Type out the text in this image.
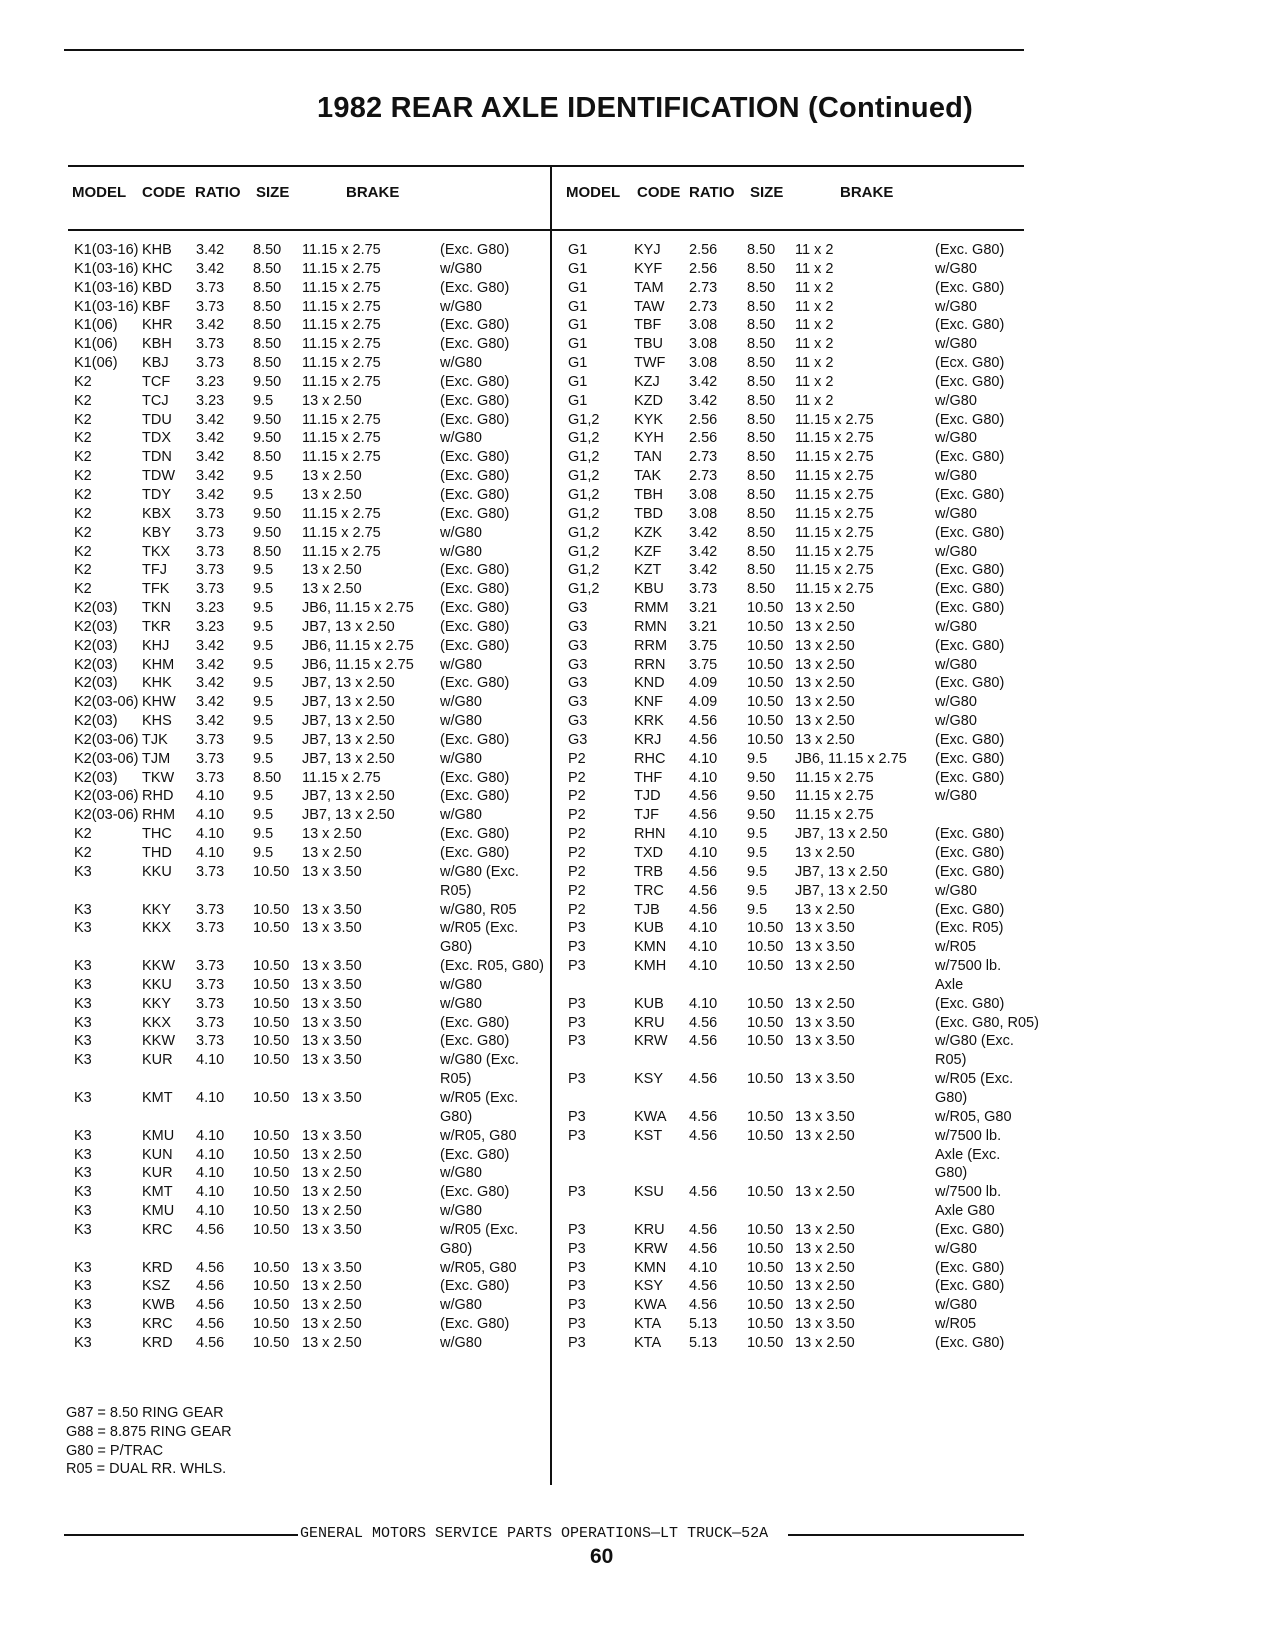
1982 REAR AXLE IDENTIFICATION (Continued)
MODEL CODE RATIO SIZE	BRAKE
K1(03-16) KHB 3.42 8.50 11.15 x 2.75	(Exc. G80)
K1(03-16) KHC 3.42 8.50 11.15 x 2.75	w/G80
K1(03-16) KBD 3.73 8.50 11.15 x 2.75	(Exc. G80)
K1(03-16) KBF 3.73 8.50 11.15 x 2.75	w/G80
K1(06) KHR 3.42 8.50 11.15 x 2.75	(Exc. G80)
K1(06) KBH 3.73 8.50 11.15 x 2.75	(Exc. G80)
K1(06) KBJ 3.73 8.50 11.15 x 2.75	w/G80
K2	TCF 3.23 9.50 11.15 x 2.75	(Exc. G80)
K2	TCJ 3.23 9.5 13 x 2.50	(Exc. G80)
K2	TDU 3.42 9.50 11.15 x 2.75	(Exc. G80)
K2	TDX 3.42 9.50 11.15 x 2.75	w/G80
K2	TDN 3.42 8.50 11.15 x 2.75	(Exc. G80)
K2	TDW 3.42 9.5 13 x 2.50	(Exc. G80)
K2	TDY 3.42 9.5 13 x 2.50	(Exc. G80)
K2	KBX 3.73 9.50 11.15 x 2.75	(Exc. G80)
K2	KBY 3.73 9.50 11.15 x 2.75	w/G80
K2	TKX 3.73 8.50 11.15 x 2.75	w/G80
K2	TFJ 3.73 9.5 13 x 2.50	(Exc. G80)
K2	TFK 3.73 9.5 13 x 2.50	(Exc. G80)
K2(03) TKN 3.23 9.5 JB6, 11.15 x 2.75 (Exc. G80)
K2(03) TKR 3.23 9.5 JB7, 13 x 2.50	(Exc. G80)
K2(03) KHJ 3.42 9.5 JB6, 11.15 x 2.75 (Exc. G80)
K2(03) KHM 3.42 9.5 JB6, 11.15 x 2.75 w/G80
K2(03) KHK 3.42 9.5 JB7, 13 x 2.50	(Exc. G80)
K2(03-06) KHW 3.42 9.5 JB7, 13 x 2.50	w/G80
K2(03) KHS 3.42 9.5 JB7, 13 x 2.50	w/G80
K2(03-06) TJK 3.73 9.5 JB7, 13 x 2.50	(Exc. G80)
K2(03-06) TJM 3.73 9.5 JB7, 13 x 2.50	w/G80
K2(03) TKW 3.73 8.50 11.15 x 2.75	(Exc. G80)
K2(03-06) RHD 4.10 9.5 JB7, 13 x 2.50	(Exc. G80)
K2(03-06) RHM 4.10 9.5 JB7, 13 x 2.50	w/G80
K2	THC 4.10 9.5 13 x 2.50	(Exc. G80)
K2	THD 4.10 9.5 13 x 2.50	(Exc. G80)
K3	KKU 3.73 10.50 13 x 3.50	w/G80 (Exc.
R05)
K3	KKY 3.73 10.50 13 x 3.50	w/G80, R05
K3	KKX 3.73 10.50 13 x 3.50	w/R05 (Exc.
G80)
K3	KKW 3.73 10.50 13 x 3.50	(Exc. R05, G80)
K3	KKU 3.73 10.50 13 x 3.50	w/G80
K3	KKY 3.73 10.50 13 x 3.50	w/G80
K3	KKX 3.73 10.50 13 x 3.50	(Exc. G80)
K3	KKW 3.73 10.50 13 x 3.50	(Exc. G80)
K3	KUR 4.10 10.50 13 x 3.50	w/G80 (Exc.
R05)
K3	KMT 4.10 10.50 13 x 3.50	w/R05 (Exc.
G80)
K3	KMU 4.10 10.50 13 x 3.50	w/R05, G80
K3	KUN 4.10 10.50 13 x 2.50	(Exc. G80)
K3	KUR 4.10 10.50 13 x 2.50	w/G80
K3	KMT 4.10 10.50 13 x 2.50	(Exc. G80)
K3	KMU 4.10 10.50 13 x 2.50	w/G80
K3	KRC 4.56 10.50 13 x 3.50	w/R05 (Exc.
G80)
K3	KRD 4.56 10.50 13 x 3.50	w/R05, G80
K3	KSZ 4.56 10.50 13 x 2.50	(Exc. G80)
K3	KWB 4.56 10.50 13 x 2.50	w/G80
K3	KRC 4.56 10.50 13 x 2.50	(Exc. G80)
K3	KRD 4.56 10.50 13 x 2.50	w/G80
MODEL CODE RATIO SIZE	BRAKE
G1	KYJ 2.56 8.50 11 x 2	(Exc. G80)
G1	KYF 2.56 8.50 11 x 2	w/G80
G1	TAM 2.73 8.50 11 x 2	(Exc. G80)
G1	TAW 2.73 8.50 11 x 2	w/G80
G1	TBF 3.08 8.50 11 x 2	(Exc. G80)
G1	TBU 3.08 8.50 11 x 2	w/G80
G1	TWF 3.08 8.50 11 x 2	(Ecx. G80)
G1	KZJ 3.42 8.50 11 x 2	(Exc. G80)
G1	KZD 3.42 8.50 11 x 2	w/G80
G1,2 KYK 2.56 8.50 11.15 x 2.75	(Exc. G80)
G1,2 KYH 2.56 8.50 11.15 x 2.75	w/G80
G1,2 TAN 2.73 8.50 11.15 x 2.75	(Exc. G80)
G1,2 TAK 2.73 8.50 11.15 x 2.75	w/G80
G1,2 TBH 3.08 8.50 11.15 x 2.75	(Exc. G80)
G1,2 TBD 3.08 8.50 11.15 x 2.75	w/G80
G1,2 KZK 3.42 8.50 11.15 x 2.75	(Exc. G80)
G1,2 KZF 3.42 8.50 11.15 x 2.75	w/G80
G1,2 KZT 3.42 8.50 11.15 x 2.75	(Exc. G80)
G1,2 KBU 3.73 8.50 11.15 x 2.75	(Exc. G80)
G3	RMM 3.21 10.50 13 x 2.50	(Exc. G80)
G3	RMN 3.21 10.50 13 x 2.50	w/G80
G3	RRM 3.75 10.50 13 x 2.50	(Exc. G80)
G3	RRN 3.75 10.50 13 x 2.50	w/G80
G3	KND 4.09 10.50 13 x 2.50	(Exc. G80)
G3	KNF 4.09 10.50 13 x 2.50	w/G80
G3	KRK 4.56 10.50 13 x 2.50	w/G80
G3	KRJ 4.56 10.50 13 x 2.50	(Exc. G80)
P2	RHC 4.10 9.5 JB6, 11.15 x 2.75 (Exc. G80)
P2	THF 4.10 9.50 11.15 x 2.75	(Exc. G80)
P2	TJD 4.56 9.50 11.15 x 2.75	w/G80
P2	TJF 4.56 9.50 11.15 x 2.75
P2	RHN 4.10 9.5 JB7, 13 x 2.50	(Exc. G80)
P2	TXD 4.10 9.5 13 x 2.50	(Exc. G80)
P2	TRB 4.56 9.5 JB7, 13 x 2.50	(Exc. G80)
P2	TRC 4.56 9.5 JB7, 13 x 2.50	w/G80
P2	TJB 4.56 9.5 13 x 2.50	(Exc. G80)
P3	KUB 4.10 10.50 13 x 3.50	(Exc. R05)
P3	KMN 4.10 10.50 13 x 3.50	w/R05
P3	KMH 4.10 10.50 13 x 2.50	w/7500 lb.
Axle
P3	KUB 4.10 10.50 13 x 2.50	(Exc. G80)
P3	KRU 4.56 10.50 13 x 3.50	(Exc. G80, R05)
P3	KRW 4.56 10.50 13 x 3.50	w/G80 (Exc.
R05)
P3	KSY 4.56 10.50 13 x 3.50	w/R05 (Exc.
G80)
P3	KWA 4.56 10.50 13 x 3.50	w/R05, G80
P3	KST 4.56 10.50 13 x 2.50	w/7500 lb.
Axle (Exc.
G80)
P3	KSU 4.56 10.50 13 x 2.50	w/7500 lb.
Axle G80
P3	KRU 4.56 10.50 13 x 2.50	(Exc. G80)
P3	KRW 4.56 10.50 13 x 2.50	w/G80
P3	KMN 4.10 10.50 13 x 2.50	(Exc. G80)
P3	KSY 4.56 10.50 13 x 2.50	(Exc. G80)
P3	KWA 4.56 10.50 13 x 2.50	w/G80
P3	KTA 5.13 10.50 13 x 3.50	w/R05
P3	KTA 5.13 10.50 13 x 2.50	(Exc. G80)
G87 = 8.50 RING GEAR
G88 = 8.875 RING GEAR
G80 = P/TRAC
R05 = DUAL RR. WHLS.
GENERAL MOTORS SERVICE PARTS OPERATIONS—LT TRUCK—52A
60
